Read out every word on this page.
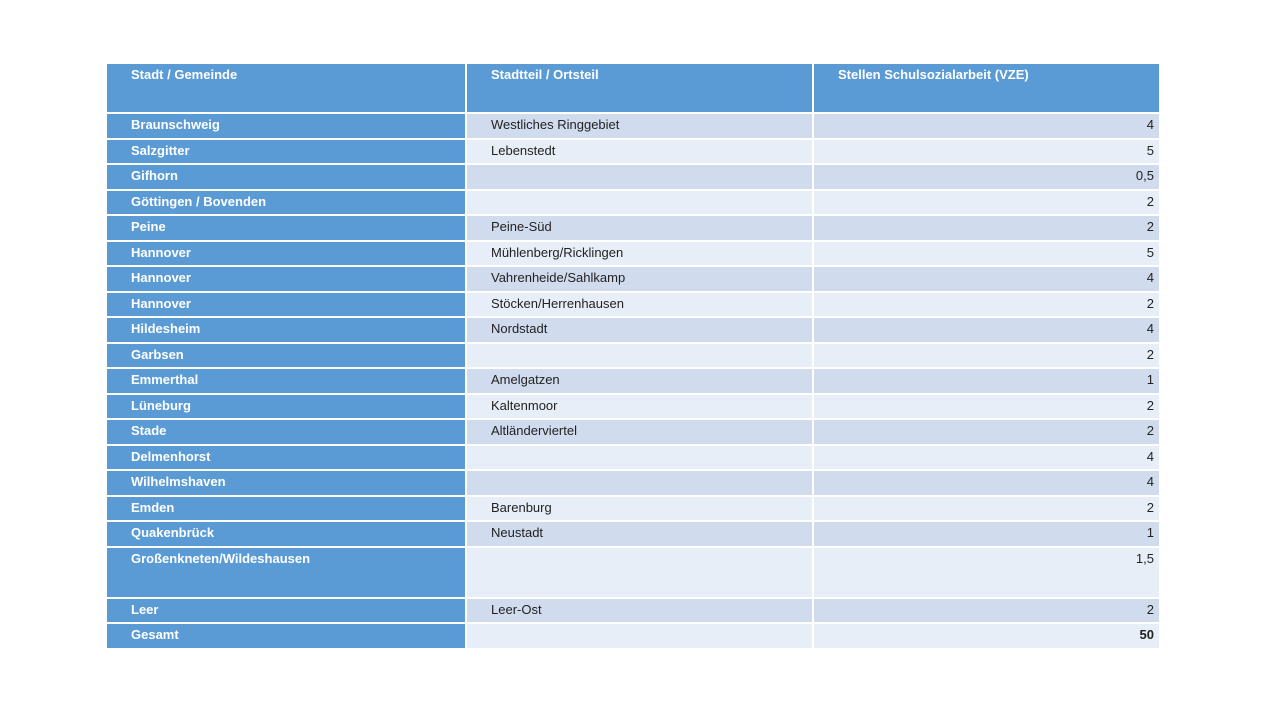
Stadt / Gemeinde	Stadtteil / Ortsteil	Stellen Schulsozialarbeit (VZE)
Braunschweig	Westliches Ringgebiet	4
Salzgitter	Lebenstedt	5
Gifhorn		0,5
Göttingen / Bovenden		2
Peine	Peine-Süd	2
Hannover	Mühlenberg/Ricklingen	5
Hannover	Vahrenheide/Sahlkamp	4
Hannover	Stöcken/Herrenhausen	2
Hildesheim	Nordstadt	4
Garbsen		2
Emmerthal	Amelgatzen	1
Lüneburg	Kaltenmoor	2
Stade	Altländerviertel	2
Delmenhorst		4
Wilhelmshaven		4
Emden	Barenburg	2
Quakenbrück	Neustadt	1
Großenkneten/Wildeshausen		1,5
Leer	Leer-Ost	2
Gesamt		50
